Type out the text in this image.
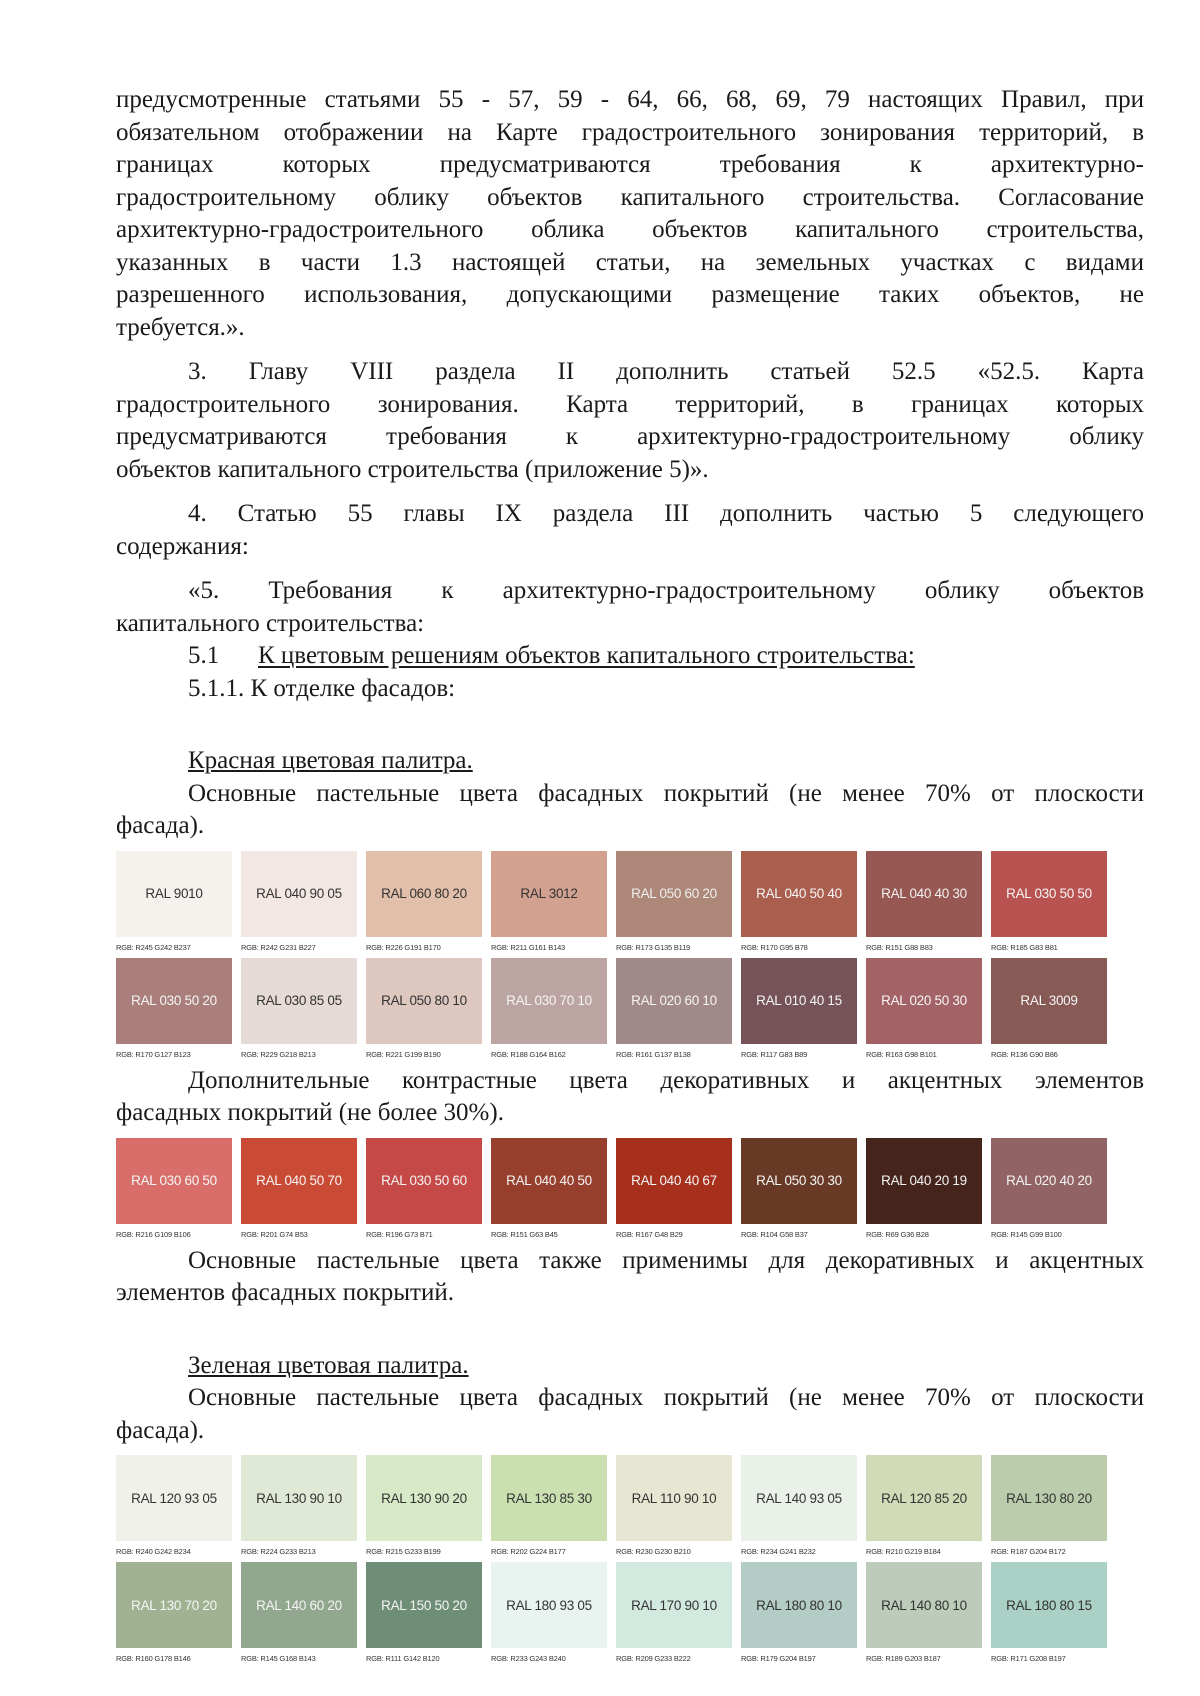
предусмотренные статьями 55 - 57, 59 - 64, 66, 68, 69, 79 настоящих Правил, при
обязательном отображении на Карте градостроительного зонирования территорий, в
границах которых предусматриваются требования к архитектурно-
градостроительному облику объектов капитального строительства. Согласование
архитектурно-градостроительного облика объектов капитального строительства,
указанных в части 1.3 настоящей статьи, на земельных участках с видами
разрешенного использования, допускающими размещение таких объектов, не
требуется.».

3. Главу VIII раздела II дополнить статьей 52.5 «52.5. Карта
градостроительного зонирования. Карта территорий, в границах которых
предусматриваются требования к архитектурно-градостроительному облику
объектов капитального строительства (приложение 5)».

4. Статью 55 главы IX раздела III дополнить частью 5 следующего
содержания:

«5. Требования к архитектурно-градостроительному облику объектов
капитального строительства:

5.1 К цветовым решениям объектов капитального строительства:

5.1.1. К отделке фасадов:

Красная цветовая палитра.

Основные пастельные цвета фасадных покрытий (не менее 70% от плоскости
фасада).

RAL 9010
RGB: R245 G242 B237
RAL 040 90 05
RGB: R242 G231 B227
RAL 060 80 20
RGB: R226 G191 B170
RAL 3012
RGB: R211 G161 B143
RAL 050 60 20
RGB: R173 G135 B119
RAL 040 50 40
RGB: R170 G95 B78
RAL 040 40 30
RGB: R151 G88 B83
RAL 030 50 50
RGB: R185 G83 B81
RAL 030 50 20
RGB: R170 G127 B123
RAL 030 85 05
RGB: R229 G218 B213
RAL 050 80 10
RGB: R221 G199 B190
RAL 030 70 10
RGB: R188 G164 B162
RAL 020 60 10
RGB: R161 G137 B138
RAL 010 40 15
RGB: R117 G83 B89
RAL 020 50 30
RGB: R163 G98 B101
RAL 3009
RGB: R136 G90 B86

Дополнительные контрастные цвета декоративных и акцентных элементов
фасадных покрытий (не более 30%).

RAL 030 60 50
RGB: R216 G109 B106
RAL 040 50 70
RGB: R201 G74 B53
RAL 030 50 60
RGB: R196 G73 B71
RAL 040 40 50
RGB: R151 G63 B45
RAL 040 40 67
RGB: R167 G48 B29
RAL 050 30 30
RGB: R104 G58 B37
RAL 040 20 19
RGB: R69 G36 B28
RAL 020 40 20
RGB: R145 G99 B100

Основные пастельные цвета также применимы для декоративных и акцентных
элементов фасадных покрытий.

Зеленая цветовая палитра.

Основные пастельные цвета фасадных покрытий (не менее 70% от плоскости
фасада).

RAL 120 93 05
RGB: R240 G242 B234
RAL 130 90 10
RGB: R224 G233 B213
RAL 130 90 20
RGB: R215 G233 B199
RAL 130 85 30
RGB: R202 G224 B177
RAL 110 90 10
RGB: R230 G230 B210
RAL 140 93 05
RGB: R234 G241 B232
RAL 120 85 20
RGB: R210 G219 B184
RAL 130 80 20
RGB: R187 G204 B172
RAL 130 70 20
RGB: R160 G178 B146
RAL 140 60 20
RGB: R145 G168 B143
RAL 150 50 20
RGB: R111 G142 B120
RAL 180 93 05
RGB: R233 G243 B240
RAL 170 90 10
RGB: R209 G233 B222
RAL 180 80 10
RGB: R179 G204 B197
RAL 140 80 10
RGB: R189 G203 B187
RAL 180 80 15
RGB: R171 G208 B197
